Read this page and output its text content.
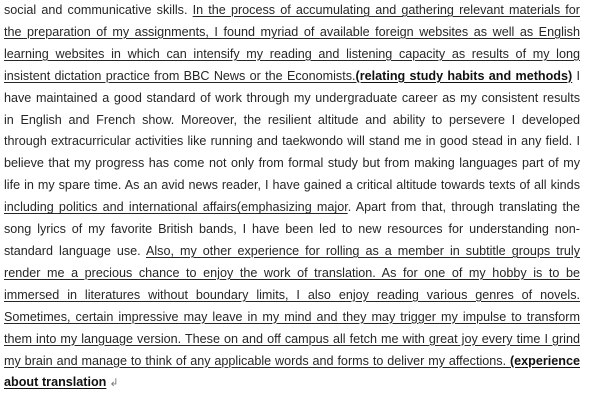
social and communicative skills. In the process of accumulating and gathering relevant materials for the preparation of my assignments, I found myriad of available foreign websites as well as English learning websites in which can intensify my reading and listening capacity as results of my long insistent dictation practice from BBC News or the Economists.(relating study habits and methods) I have maintained a good standard of work through my undergraduate career as my consistent results in English and French show. Moreover, the resilient altitude and ability to persevere I developed through extracurricular activities like running and taekwondo will stand me in good stead in any field. I believe that my progress has come not only from formal study but from making languages part of my life in my spare time. As an avid news reader, I have gained a critical altitude towards texts of all kinds including politics and international affairs(emphasizing major. Apart from that, through translating the song lyrics of my favorite British bands, I have been led to new resources for understanding non-standard language use. Also, my other experience for rolling as a member in subtitle groups truly render me a precious chance to enjoy the work of translation. As for one of my hobby is to be immersed in literatures without boundary limits, I also enjoy reading various genres of novels. Sometimes, certain impressive may leave in my mind and they may trigger my impulse to transform them into my language version. These on and off campus all fetch me with great joy every time I grind my brain and manage to think of any applicable words and forms to deliver my affections. (experience about translation ↲
